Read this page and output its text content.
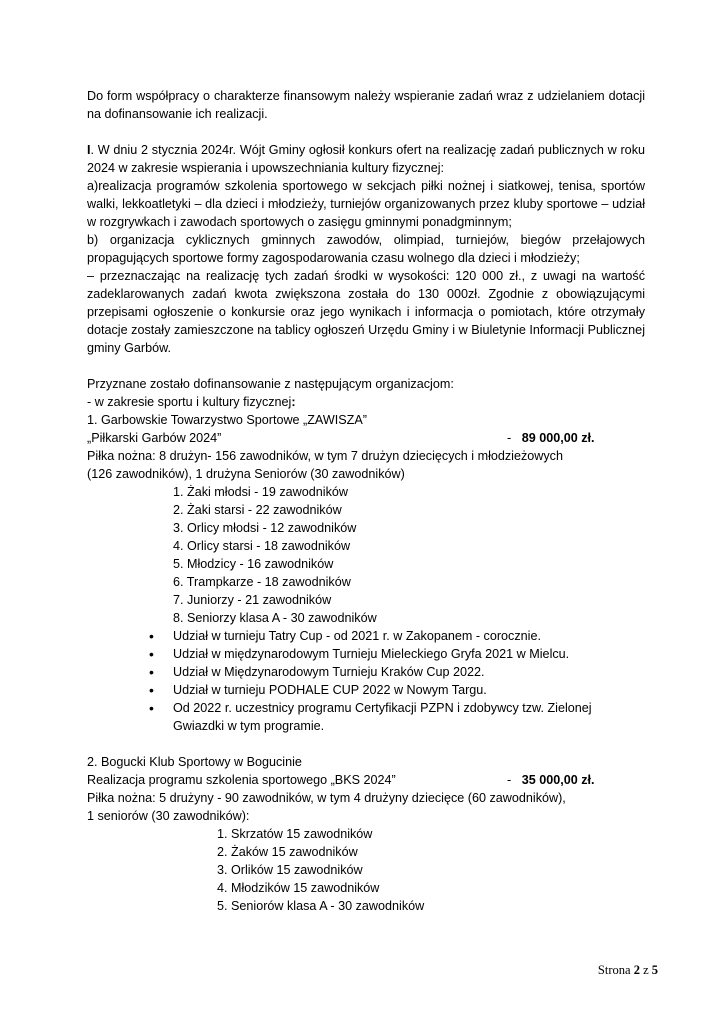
Do form współpracy o charakterze finansowym należy wspieranie zadań wraz z udzielaniem dotacji na dofinansowanie ich realizacji.

I. W dniu 2 stycznia 2024r. Wójt Gminy ogłosił konkurs ofert na realizację zadań publicznych w roku 2024 w zakresie wspierania i upowszechniania kultury fizycznej:

a)realizacja programów szkolenia sportowego w sekcjach piłki nożnej i siatkowej, tenisa, sportów walki, lekkoatletyki – dla dzieci i młodzieży, turniejów organizowanych przez kluby sportowe – udział w rozgrywkach i zawodach sportowych o zasięgu gminnymi ponadgminnym;

b) organizacja cyklicznych gminnych zawodów, olimpiad, turniejów, biegów przełajowych propagujących sportowe formy zagospodarowania czasu wolnego dla dzieci i młodzieży;

– przeznaczając na realizację tych zadań środki w wysokości: 120 000 zł., z uwagi na wartość zadeklarowanych zadań kwota zwiększona została do 130 000zł. Zgodnie z obowiązującymi przepisami ogłoszenie o konkursie oraz jego wynikach i informacja o pomiotach, które otrzymały dotacje zostały zamieszczone na tablicy ogłoszeń Urzędu Gminy i w Biuletynie Informacji Publicznej gminy Garbów.

Przyznane zostało dofinansowanie z następującym organizacjom:

- w zakresie sportu i kultury fizycznej:

1. Garbowskie Towarzystwo Sportowe „ZAWISZA”

„Piłkarski Garbów 2024”	- 89 000,00 zł.

Piłka nożna: 8 drużyn- 156 zawodników, w tym 7 drużyn dziecięcych i młodzieżowych

(126 zawodników), 1 drużyna Seniorów (30 zawodników)

1. Żaki młodsi - 19 zawodników
2. Żaki starsi - 22 zawodników
3. Orlicy młodsi - 12 zawodników
4. Orlicy starsi - 18 zawodników
5. Młodzicy - 16 zawodników
6. Trampkarze - 18 zawodników
7. Juniorzy - 21 zawodników
8. Seniorzy klasa A - 30 zawodników
• Udział w turnieju Tatry Cup - od 2021 r. w Zakopanem - corocznie.
• Udział w międzynarodowym Turnieju Mieleckiego Gryfa 2021 w Mielcu.
• Udział w Międzynarodowym Turnieju Kraków Cup 2022.
• Udział w turnieju PODHALE CUP 2022 w Nowym Targu.
• Od 2022 r. uczestnicy programu Certyfikacji PZPN i zdobywcy tzw. Zielonej Gwiazdki w tym programie.

2. Bogucki Klub Sportowy w Bogucinie

Realizacja programu szkolenia sportowego „BKS 2024”	- 35 000,00 zł.

Piłka nożna: 5 drużyny - 90 zawodników, w tym 4 drużyny dziecięce (60 zawodników),

1 seniorów (30 zawodników):

1. Skrzatów 15 zawodników
2. Żaków 15 zawodników
3. Orlików 15 zawodników
4. Młodzików 15 zawodników
5. Seniorów klasa A - 30 zawodników
Strona 2 z 5
